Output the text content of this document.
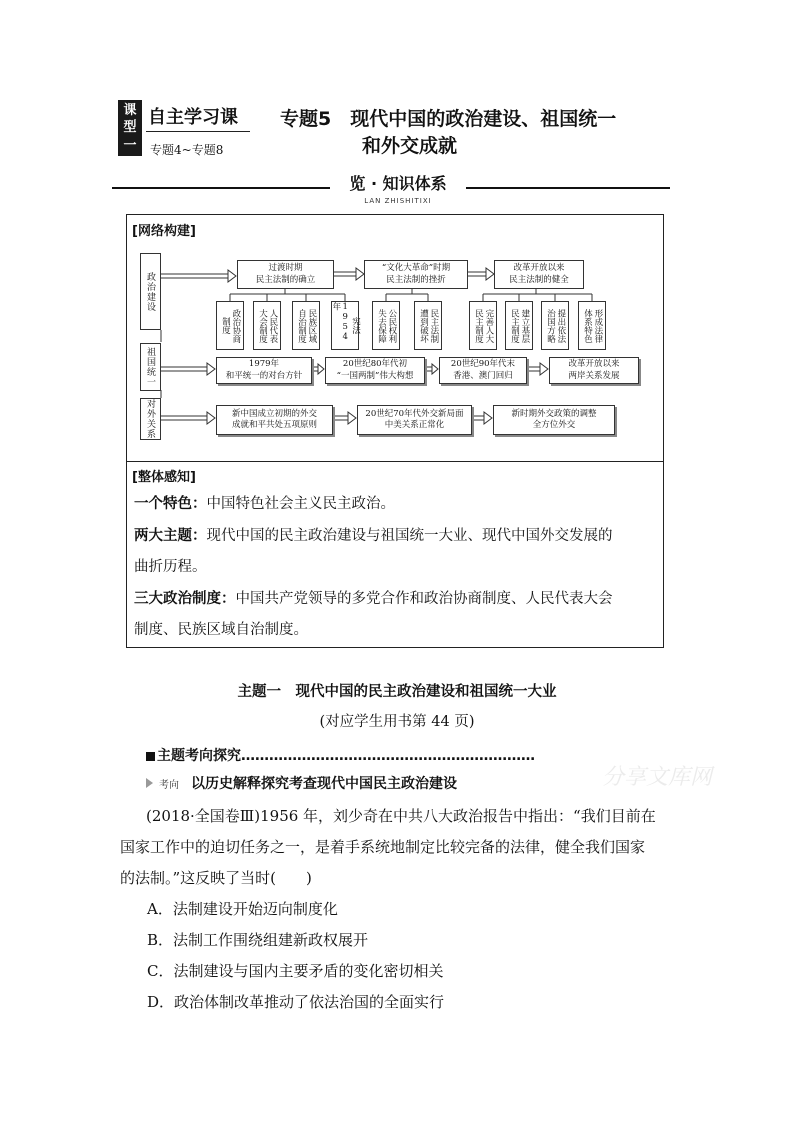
课
型
一
自主学习课
专题4~专题8
专题5　现代中国的政治建设、祖国统一
和外交成就
览 · 知识体系
LAN ZHISHITIXI
[网络构建]
政治建设
祖国统一
对外关系
过渡时期
民主法制的确立
“文化大革命”时期
民主法制的挫折
改革开放以来
民主法制的健全
政治协商
制度	人民代表
大会制度	民族区域
自治制度	宪法
1954年
公民权利
失去保障	民主法制
遭到破坏	完善人大
民主制度	建立基层
民主制度	提出依法
治国方略	形成法律
体系特色
1979年
和平统一的对台方针
20世纪80年代初
“一国两制”伟大构想
20世纪90年代末
香港、澳门回归
改革开放以来
两岸关系发展
新中国成立初期的外交
成就和平共处五项原则
20世纪70年代外交新局面
中美关系正常化
新时期外交政策的调整
全方位外交
[整体感知]
一个特色：中国特色社会主义民主政治。
两大主题：现代中国的民主政治建设与祖国统一大业、现代中国外交发展的
曲折历程。
三大政治制度：中国共产党领导的多党合作和政治协商制度、人民代表大会
制度、民族区域自治制度。
主题一　现代中国的民主政治建设和祖国统一大业
(对应学生用书第 44 页)
主题考向探究………………………………………………………
考向 以历史解释探究考查现代中国民主政治建设	分享文库网
(2018·全国卷Ⅲ)1956 年，刘少奇在中共八大政治报告中指出：“我们目前在
国家工作中的迫切任务之一，是着手系统地制定比较完备的法律，健全我们国家
的法制。”这反映了当时(　　)
A．法制建设开始迈向制度化
B．法制工作围绕组建新政权展开
C．法制建设与国内主要矛盾的变化密切相关
D．政治体制改革推动了依法治国的全面实行
